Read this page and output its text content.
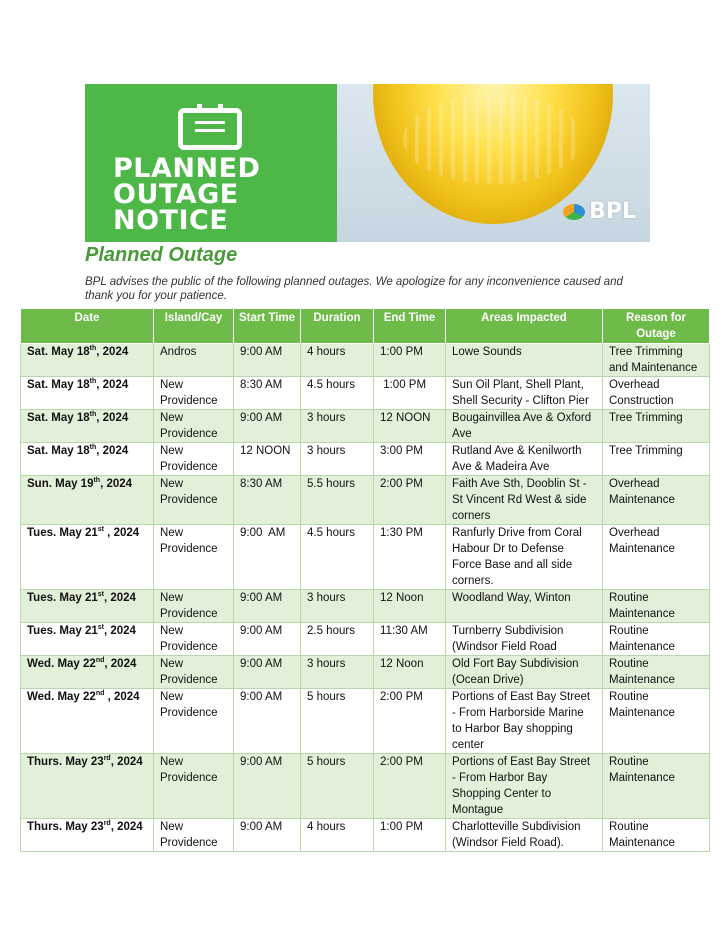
PLANNED
OUTAGE
NOTICE	BPL
Planned Outage

BPL advises the public of the following planned outages. We apologize for any inconvenience caused and thank you for your patience.

Date	Island/Cay	Start Time	Duration	End Time	Areas Impacted	Reason for Outage
Sat. May 18th, 2024	Andros	9:00 AM	4 hours	1:00 PM	Lowe Sounds	Tree Trimming and Maintenance
Sat. May 18th, 2024	New Providence	8:30 AM	4.5 hours	1:00 PM	Sun Oil Plant, Shell Plant, Shell Security - Clifton Pier	Overhead Construction
Sat. May 18th, 2024	New Providence	9:00 AM	3 hours	12 NOON	Bougainvillea Ave & Oxford Ave	Tree Trimming
Sat. May 18th, 2024	New Providence	12 NOON	3 hours	3:00 PM	Rutland Ave & Kenilworth Ave & Madeira Ave	Tree Trimming
Sun. May 19th, 2024	New Providence	8:30 AM	5.5 hours	2:00 PM	Faith Ave Sth, Dooblin St - St Vincent Rd West & side corners	Overhead Maintenance
Tues. May 21st , 2024	New Providence	9:00  AM	4.5 hours	1:30 PM	Ranfurly Drive from Coral Habour Dr to Defense Force Base and all side corners.	Overhead Maintenance
Tues. May 21st, 2024	New Providence	9:00 AM	3 hours	12 Noon	Woodland Way, Winton	Routine Maintenance
Tues. May 21st, 2024	New Providence	9:00 AM	2.5 hours	11:30 AM	Turnberry Subdivision (Windsor Field Road	Routine Maintenance
Wed. May 22nd, 2024	New Providence	9:00 AM	3 hours	12 Noon	Old Fort Bay Subdivision (Ocean Drive)	Routine Maintenance
Wed. May 22nd , 2024	New Providence	9:00 AM	5 hours	2:00 PM	Portions of East Bay Street - From Harborside Marine to Harbor Bay shopping center	Routine Maintenance
Thurs. May 23rd, 2024	New Providence	9:00 AM	5 hours	2:00 PM	Portions of East Bay Street - From Harbor Bay Shopping Center to Montague	Routine Maintenance
Thurs. May 23rd, 2024	New Providence	9:00 AM	4 hours	1:00 PM	Charlotteville Subdivision (Windsor Field Road).	Routine Maintenance
